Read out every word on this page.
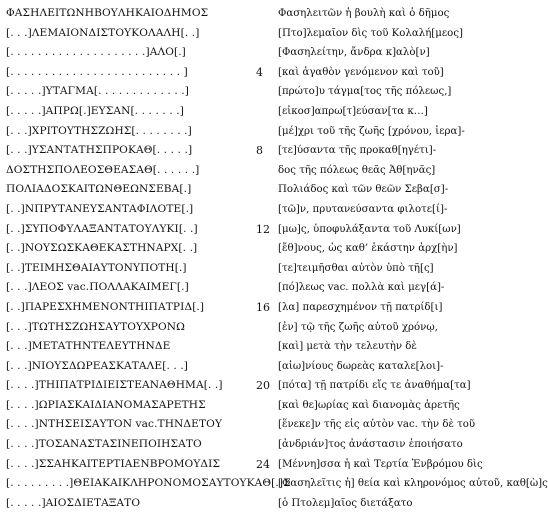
ΦΑΣΗΛΕΙΤΩΝΗΒΟΥΛΗΚΑΙΟΔΗΜΟΣ
[. . .]ΛΕΜΑΙΟΝΔΙΣΤΟΥΚΟΛΑΛΗ[. .]
[. . . . . . . . . . . . . . . . . . . .]ΑΛΟ[.]
[. . . . . . . . . . . . . . . . . . . . . . . . . ]
[. . . . .]ΥΤΑΓΜΑ[. . . . . . . . . . . . .]
[. . . . .]ΑΠΡΩ[.]ΕΥΣΑΝ[. . . . . . .]
[. . .]ΧΡΙΤΟΥΤΗΣΖΩΗΣ[. . . . . . . .]
[. . .]ΥΣΑΝΤΑΤΗΣΠΡΟΚΑΘ[. . . . .]
ΔΟΣΤΗΣΠΟΛΕΟΣΘΕΑΣΑΘ[. . . . . .]
ΠΟΛΙΑΔΟΣΚΑΙΤΩΝΘΕΩΝΣΕΒΑ[.]
[. .]ΝΠΡΥΤΑΝΕΥΣΑΝΤΑΦΙΛΟΤΕ[.]
[. .]ΣΥΠΟΦΥΛΑΞΑΝΤΑΤΟΥΛΥΚΙ[. .]
[. .]ΝΟΥΣΩΣΚΑΘΕΚΑΣΤΗΝΑΡΧ[. .]
[. .]ΤΕΙΜΗΣΘΑΙΑΥΤΟΝΥΠΟΤΗ[.]
[. . .]ΛΕΟΣ vac.ΠΟΛΛΑΚΑΙΜΕΓ[.]
[. .]ΠΑΡΕΣΧΗΜΕΝΟΝΤΗΙΠΑΤΡΙΔ[.]
[. . .]ΤΩΤΗΣΖΩΗΣΑΥΤΟΥΧΡΟΝΩ
[. . .]ΜΕΤΑΤΗΝΤΕΛΕΥΤΗΝΔΕ
[. . .]ΝΙΟΥΣΔΩΡΕΑΣΚΑΤΑΛΕ[. . .]
[. . . .]ΤΗΙΠΑΤΡΙΔΙΕΙΣΤΕΑΝΑΘΗΜΑ[. .]
[. . . .]ΩΡΙΑΣΚΑΙΔΙΑΝΟΜΑΣΑΡΕΤΗΣ
[. . . .]ΝΤΗΣΕΙΣΑΥΤΟΝ vac.ΤΗΝΔΕΤΟΥ
[. . . .]ΤΟΣΑΝΑΣΤΑΣΙΝΕΠΟΙΗΣΑΤΟ
[. . . .]ΣΣΑΗΚΑΙΤΕΡΤΙΑΕΝΒΡΟΜΟΥΔΙΣ
[. . . . . . . . .]ΘΕΙΑΚΑΙΚΛΗΡΟΝΟΜΟΣΑΥΤΟΥΚΑΘ[.]Σ
[. . . . .]ΑΙΟΣΔΙΕΤΑΞΑΤΟ
Φασηλειτῶν ἡ βουλὴ καὶ ὁ δῆμος
[Πτο]λεμαῖον δὶς τοῦ Κολαλή[μεος]
[Φασηλείτην, ἄνδρα κ]αλὸ[ν]
4 [καὶ ἀγαθὸν γενόμενον καὶ τοῦ]
[πρώτο]υ τάγμα[τος τῆς πόλεως,]
[εἰκοσ]απρω[τ]εύσαν[τα κ…]
[μέ]χρι τοῦ τῆς ζωῆς [χρόνου, ἱερα]-
8 [τε]ύσαντα τῆς προκαθ[ηγέτι]-
δος τῆς πόλεως θεᾶς Ἀθ[ηνᾶς]
Πολιάδος καὶ τῶν θεῶν Σεβα[σ]-
[τῶ]ν, πρυτανεύσαντα φιλοτε[ί]-
12 [μω]ς, ὑποφυλάξαντα τοῦ Λυκί[ων]
[ἔθ]νους, ὡς καθ’ ἑκάστην ἀρχ[ὴν]
[τε]τειμῆσθαι αὐτὸν ὑπὸ τῆ[ς]
[πό]λεως vac. πολλὰ καὶ μεγ[ά]-
16 [λα] παρεσχημένον τῇ πατρίδ[ι]
[ἐν] τῷ τῆς ζωῆς αὐτοῦ χρόνῳ,
[καὶ] μετὰ τὴν τελευτὴν δὲ
[αἰω]νίους δωρεὰς καταλε[λοι]-
20 [πότα] τῇ πατρίδι εἴς τε ἀναθήμα[τα]
[καὶ θε]ωρίας καὶ διανομὰς ἀρετῆς
[ἕνεκε]ν τῆς εἰς αὐτὸν vac. τὴν δὲ τοῦ
[ἀνδριάν]τος ἀνάστασιν ἐποιήσατο
24 [Μέννη]σσα ἡ καὶ Τερτία Ἐνβρόμου δὶς
[Φασηλεῖτις ἡ] θεία καὶ κληρονόμος αὐτοῦ, καθ[ὼ]ς
[ὁ Πτολεμ]αῖος διετάξατο
